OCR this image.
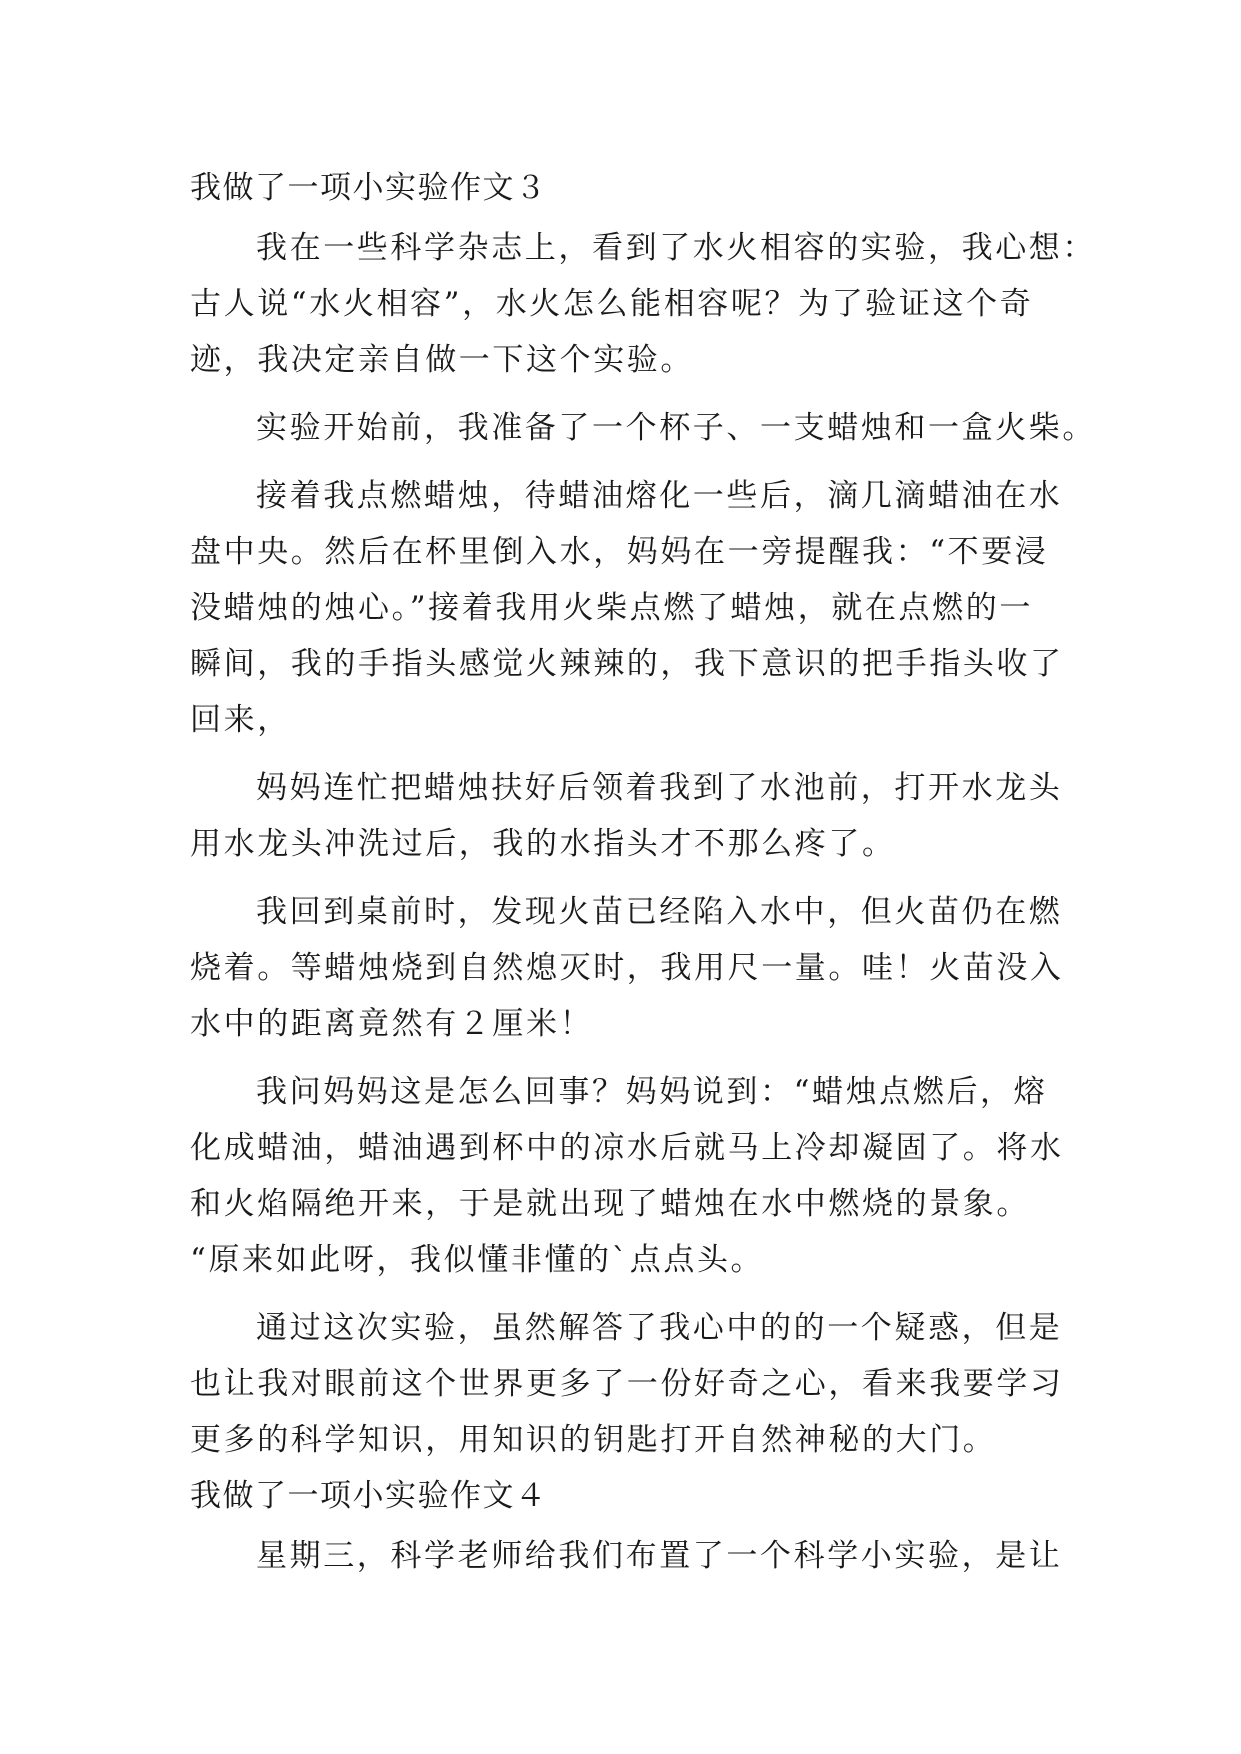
我做了一项小实验作文３
我在一些科学杂志上，看到了水火相容的实验，我心想：
古人说“水火相容”，水火怎么能相容呢？为了验证这个奇
迹，我决定亲自做一下这个实验。
实验开始前，我准备了一个杯子、一支蜡烛和一盒火柴。
接着我点燃蜡烛，待蜡油熔化一些后，滴几滴蜡油在水
盘中央。然后在杯里倒入水，妈妈在一旁提醒我：“不要浸
没蜡烛的烛心。”接着我用火柴点燃了蜡烛，就在点燃的一
瞬间，我的手指头感觉火辣辣的，我下意识的把手指头收了
回来，
妈妈连忙把蜡烛扶好后领着我到了水池前，打开水龙头
用水龙头冲洗过后，我的水指头才不那么疼了。
我回到桌前时，发现火苗已经陷入水中，但火苗仍在燃
烧着。等蜡烛烧到自然熄灭时，我用尺一量。哇！火苗没入
水中的距离竟然有２厘米！
我问妈妈这是怎么回事？妈妈说到：“蜡烛点燃后，熔
化成蜡油，蜡油遇到杯中的凉水后就马上冷却凝固了。将水
和火焰隔绝开来，于是就出现了蜡烛在水中燃烧的景象。
“原来如此呀，我似懂非懂的`点点头。
通过这次实验，虽然解答了我心中的的一个疑惑，但是
也让我对眼前这个世界更多了一份好奇之心，看来我要学习
更多的科学知识，用知识的钥匙打开自然神秘的大门。
我做了一项小实验作文４
星期三，科学老师给我们布置了一个科学小实验，是让
